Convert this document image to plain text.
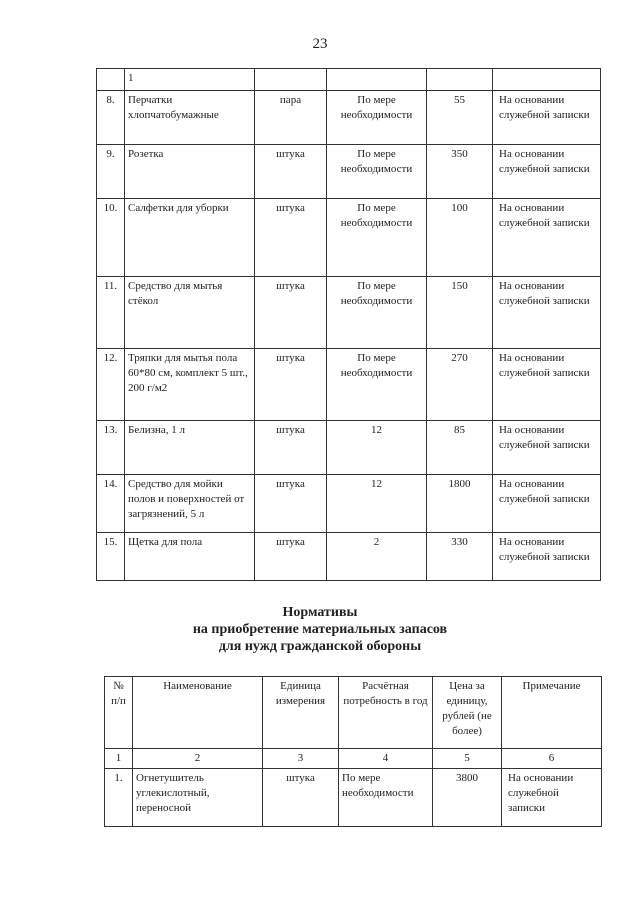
23
	1				
8.	Перчатки хлопчатобумажные	пара	По мере необходимости	55	На основании служебной записки
9.	Розетка	штука	По мере необходимости	350	На основании служебной записки
10.	Салфетки для уборки	штука	По мере необходимости	100	На основании служебной записки
11.	Средство для мытья стёкол	штука	По мере необходимости	150	На основании служебной записки
12.	Тряпки для мытья пола 60*80 см, комплект 5 шт., 200 г/м2	штука	По мере необходимости	270	На основании служебной записки
13.	Белизна, 1 л	штука	12	85	На основании служебной записки
14.	Средство для мойки полов и поверхностей от загрязнений, 5 л	штука	12	1800	На основании служебной записки
15.	Щетка для пола	штука	2	330	На основании служебной записки
Нормативы
на приобретение материальных запасов
для нужд гражданской обороны
№ п/п	Наименование	Единица измерения	Расчётная потребность в год	Цена за единицу, рублей (не более)	Примечание
1	2	3	4	5	6
1.	Огнетушитель углекислотный, переносной	штука	По мере необходимости	3800	На основании служебной записки
